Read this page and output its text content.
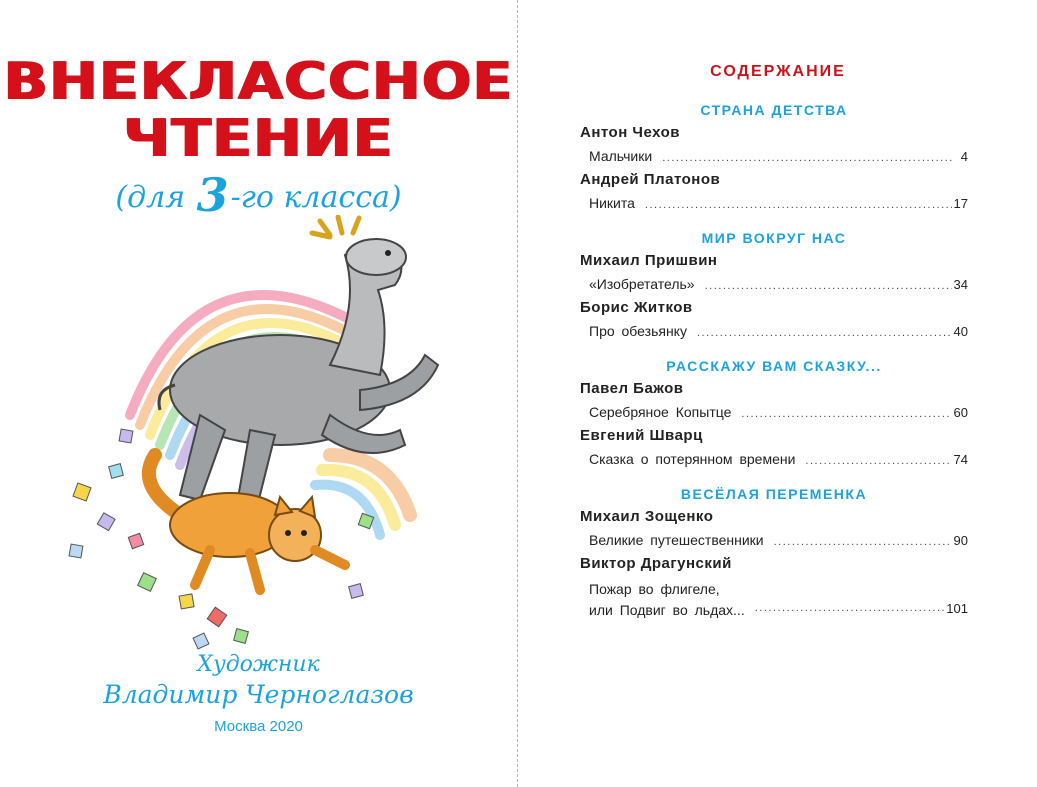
ВНЕКЛАССНОЕ
ЧТЕНИЕ
(для 3-го класса)
Художник
Владимир Черноглазов
Москва 2020
СОДЕРЖАНИЕ
СТРАНА ДЕТСТВА
Антон Чехов
Мальчики .....	4
Андрей Платонов
Никита .....	17
МИР ВОКРУГ НАС
Михаил Пришвин
«Изобретатель» .....	34
Борис Житков
Про обезьянку .....	40
РАССКАЖУ ВАМ СКАЗКУ...
Павел Бажов
Серебряное Копытце .....	60
Евгений Шварц
Сказка о потерянном времени .....	74
ВЕСЁЛАЯ ПЕРЕМЕНКА
Михаил Зощенко
Великие путешественники .....	90
Виктор Драгунский
Пожар во флигеле,
или Подвиг во льдах... .....	101
